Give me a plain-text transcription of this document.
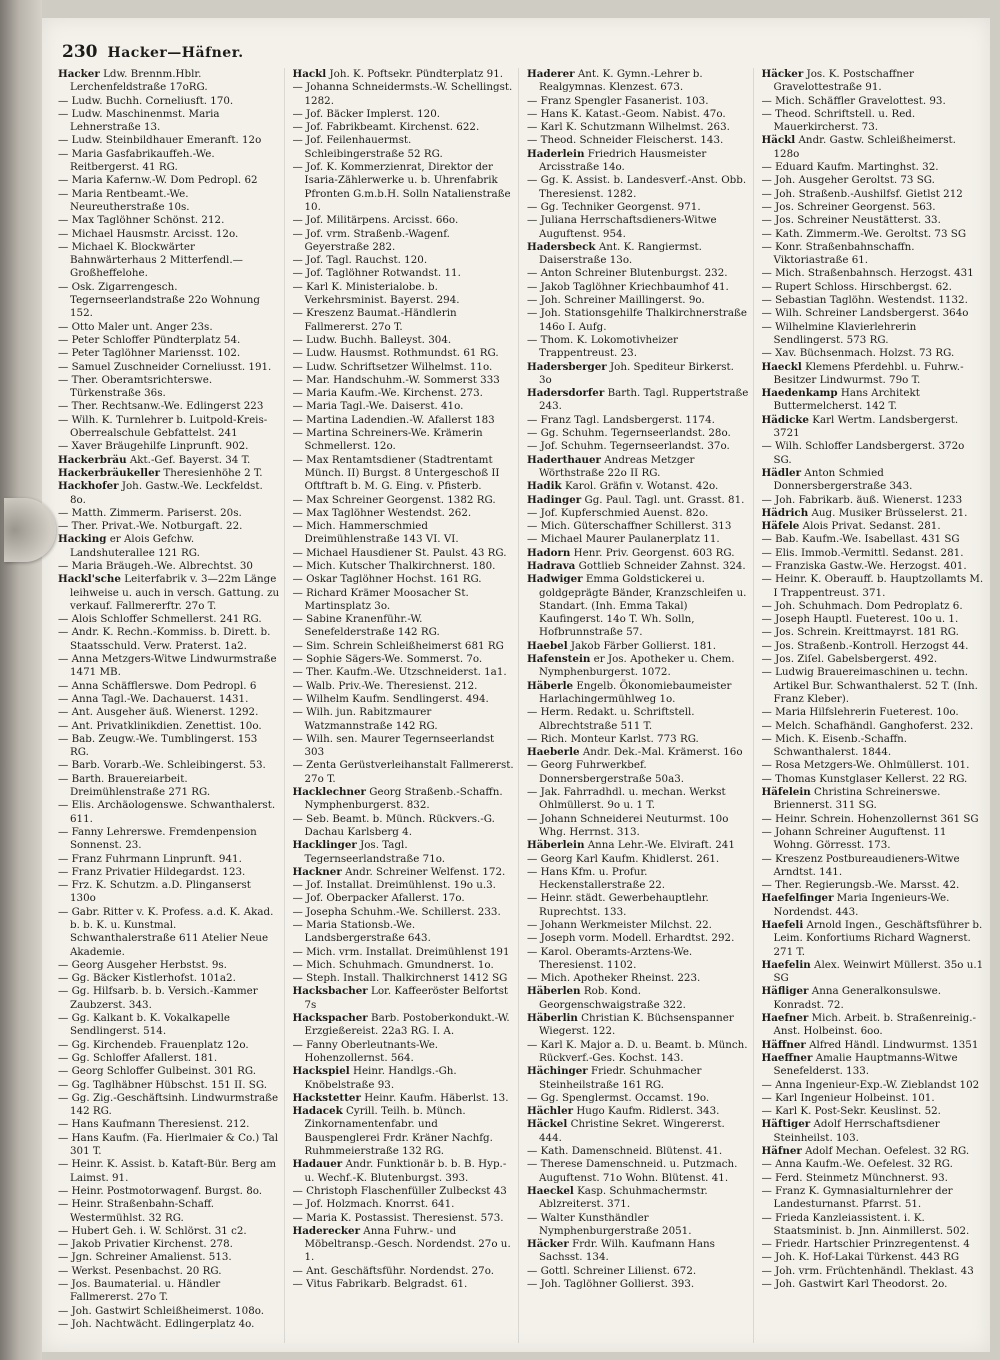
230 Hacker—Häfner.
Hacker Ldw. Brennm.Hblr. Lerchenfeldstraße 17oRG.
— Ludw. Buchh. Corneliusft. 170.
— Ludw. Maschinenmst. Maria Lehnerstraße 13.
— Ludw. Steinbildhauer Emeranft. 12o
— Maria Gasfabrikauffeh.-We. Reitbergerst. 41 RG.
— Maria Kafernw.-W. Dom Pedropl. 62
— Maria Rentbeamt.-We. Neureutherstraße 10s.
— Max Taglöhner Schönst. 212.
— Michael Hausmstr. Arcisst. 12o.
— Michael K. Blockwärter Bahnwärterhaus 2 Mitterfendl.—Großheffelohe.
— Osk. Zigarrengesch. Tegernseerlandstraße 22o Wohnung 152.
— Otto Maler unt. Anger 23s.
— Peter Schloffer Pündterplatz 54.
— Peter Taglöhner Mariensst. 102.
— Samuel Zuschneider Corneliusst. 191.
— Ther. Oberamtsrichterswe. Türkenstraße 36s.
— Ther. Rechtsanw.-We. Edlingerst 223
— Wilh. K. Turnlehrer b. Luitpold-Kreis-Oberrealschule Gebfattelst. 241
— Xaver Bräugehilfe Linprunft. 902.
Hackerbräu Akt.-Gef. Bayerst. 34 T.
Hackerbräukeller Theresienhöhe 2 T.
Hackhofer Joh. Gastw.-We. Leckfeldst. 8o.
— Matth. Zimmerm. Pariserst. 20s.
— Ther. Privat.-We. Notburgaft. 22.
Hacking er Alois Gefchw. Landshuterallee 121 RG.
— Maria Bräugeh.-We. Albrechtst. 30
Hackl'sche Leiterfabrik v. 3—22m Länge leihweise u. auch in versch. Gattung. zu verkauf. Fallmererftr. 27o T.
— Alois Schloffer Schmellerst. 241 RG.
— Andr. K. Rechn.-Kommiss. b. Dirett. b. Staatsschuld. Verw. Praterst. 1a2.
— Anna Metzgers-Witwe Lindwurmstraße 1471 MB.
— Anna Schäfflerswe. Dom Pedropl. 6
— Anna Tagl.-We. Dachauerst. 1431.
— Ant. Ausgeher äuß. Wienerst. 1292.
— Ant. Privatklinikdien. Zenettist. 10o.
— Bab. Zeugw.-We. Tumblingerst. 153 RG.
— Barb. Vorarb.-We. Schleibingerst. 53.
— Barth. Brauereiarbeit. Dreimühlenstraße 271 RG.
— Elis. Archäologenswe. Schwanthalerst. 611.
— Fanny Lehrerswe. Fremdenpension Sonnenst. 23.
— Franz Fuhrmann Linprunft. 941.
— Franz Privatier Hildegardst. 123.
— Frz. K. Schutzm. a.D. Plinganserst 130o
— Gabr. Ritter v. K. Profess. a.d. K. Akad. b. b. K. u. Kunstmal. Schwanthalerstraße 611 Atelier Neue Akademie.
— Georg Ausgeher Herbstst. 9s.
— Gg. Bäcker Kistlerhofst. 101a2.
— Gg. Hilfsarb. b. b. Versich.-Kammer Zaubzerst. 343.
— Gg. Kalkant b. K. Vokalkapelle Sendlingerst. 514.
— Gg. Kirchendeb. Frauenplatz 12o.
— Gg. Schloffer Afallerst. 181.
— Georg Schloffer Gulbeinst. 301 RG.
— Gg. Taglhäbner Hübschst. 151 II. SG.
— Gg. Zig.-Geschäftsinh. Lindwurmstraße 142 RG.
— Hans Kaufmann Theresienst. 212.
— Hans Kaufm. (Fa. Hierlmaier & Co.) Tal 301 T.
— Heinr. K. Assist. b. Kataft-Bür. Berg am Laimst. 91.
— Heinr. Postmotorwagenf. Burgst. 8o.
— Heinr. Straßenbahn-Schaff. Westermühlst. 32 RG.
— Hubert Geh. i. W. Schlörst. 31 c2.
— Jakob Privatier Kirchenst. 278.
— Jgn. Schreiner Amalienst. 513.
— Werkst. Pesenbachst. 20 RG.
— Jos. Baumaterial. u. Händler Fallmererst. 27o T.
— Joh. Gastwirt Schleißheimerst. 108o.
— Joh. Nachtwächt. Edlingerplatz 4o.
Hackl Joh. K. Poftsekr. Pündterplatz 91.
— Johanna Schneidermsts.-W. Schellingst. 1282.
— Jof. Bäcker Implerst. 120.
— Jof. Fabrikbeamt. Kirchenst. 622.
— Jof. Feilenhauermst. Schleibingerstraße 52 RG.
— Jof. K. Kommerzienrat, Direktor der Isaria-Zählerwerke u. b. Uhrenfabrik Pfronten G.m.b.H. Solln Natalienstraße 10.
— Jof. Militärpens. Arcisst. 66o.
— Jof. vrm. Straßenb.-Wagenf. Geyerstraße 282.
— Jof. Tagl. Rauchst. 120.
— Jof. Taglöhner Rotwandst. 11.
— Karl K. Ministerialobe. b. Verkehrsminist. Bayerst. 294.
— Kreszenz Baumat.-Händlerin Fallmererst. 27o T.
— Ludw. Buchh. Balleyst. 304.
— Ludw. Hausmst. Rothmundst. 61 RG.
— Ludw. Schriftsetzer Wilhelmst. 11o.
— Mar. Handschuhm.-W. Sommerst 333
— Maria Kaufm.-We. Kirchenst. 273.
— Maria Tagl.-We. Daiserst. 41o.
— Martina Ladendien.-W. Afallerst 183
— Martina Schreiners-We. Krämerin Schmellerst. 12o.
— Max Rentamtsdiener (Stadtrentamt Münch. II) Burgst. 8 Untergeschoß II Oftftraft b. M. G. Eing. v. Pfisterb.
— Max Schreiner Georgenst. 1382 RG.
— Max Taglöhner Westendst. 262.
— Mich. Hammerschmied Dreimühlenstraße 143 VI. VI.
— Michael Hausdiener St. Paulst. 43 RG.
— Mich. Kutscher Thalkirchnerst. 180.
— Oskar Taglöhner Hochst. 161 RG.
— Richard Krämer Moosacher St. Martinsplatz 3o.
— Sabine Kranenführ.-W. Senefelderstraße 142 RG.
— Sim. Schrein Schleißheimerst 681 RG
— Sophie Sägers-We. Sommerst. 7o.
— Ther. Kaufm.-We. Utzschneiderst. 1a1.
— Walb. Priv.-We. Theresienst. 212.
— Wilhelm Kaufm. Sendlingerst. 494.
— Wilh. jun. Rabitzmaurer Watzmannstraße 142 RG.
— Wilh. sen. Maurer Tegernseerlandst 303
— Zenta Gerüstverleihanstalt Fallmererst. 27o T.
Hacklechner Georg Straßenb.-Schaffn. Nymphenburgerst. 832.
— Seb. Beamt. b. Münch. Rückvers.-G. Dachau Karlsberg 4.
Hacklinger Jos. Tagl. Tegernseerlandstraße 71o.
Hackner Andr. Schreiner Welfenst. 172.
— Jof. Installat. Dreimühlenst. 19o u.3.
— Jof. Oberpacker Afallerst. 17o.
— Josepha Schuhm.-We. Schillerst. 233.
— Maria Stationsb.-We. Landsbergerstraße 643.
— Mich. vrm. Installat. Dreimühlenst 191
— Mich. Schuhmach. Gmundnerst. 1o.
— Steph. Install. Thalkirchnerst 1412 SG
Hacksbacher Lor. Kaffeeröster Belfortst 7s
Hackspacher Barb. Postoberkondukt.-W. Erzgießereist. 22a3 RG. I. A.
— Fanny Oberleutnants-We. Hohenzollernst. 564.
Hackspiel Heinr. Handlgs.-Gh. Knöbelstraße 93.
Hackstetter Heinr. Kaufm. Häberlst. 13.
Hadacek Cyrill. Teilh. b. Münch. Zinkornamentenfabr. und Bauspenglerei Frdr. Kräner Nachfg. Ruhmmeierstraße 132 RG.
Hadauer Andr. Funktionär b. b. B. Hyp.-u. Wechf.-K. Blutenburgst. 393.
— Christoph Flaschenfüller Zulbeckst 43
— Jof. Holzmach. Knorrst. 641.
— Maria K. Postassist. Theresienst. 573.
Haderecker Anna Fuhrw.- und Möbeltransp.-Gesch. Nordendst. 27o u. 1.
— Ant. Geschäftsführ. Nordendst. 27o.
— Vitus Fabrikarb. Belgradst. 61.
Haderer Ant. K. Gymn.-Lehrer b. Realgymnas. Klenzest. 673.
— Franz Spengler Fasanerist. 103.
— Hans K. Katast.-Geom. Nabist. 47o.
— Karl K. Schutzmann Wilhelmst. 263.
— Theod. Schneider Fleischerst. 143.
Haderlein Friedrich Hausmeister Arcisstraße 14o.
— Gg. K. Assist. b. Landesverf.-Anst. Obb. Theresienst. 1282.
— Gg. Techniker Georgenst. 971.
— Juliana Herrschaftsdieners-Witwe Auguftenst. 954.
Hadersbeck Ant. K. Rangiermst. Daiserstraße 13o.
— Anton Schreiner Blutenburgst. 232.
— Jakob Taglöhner Kriechbaumhof 41.
— Joh. Schreiner Maillingerst. 9o.
— Joh. Stationsgehilfe Thalkirchnerstraße 146o I. Aufg.
— Thom. K. Lokomotivheizer Trappentreust. 23.
Hadersberger Joh. Spediteur Birkerst. 3o
Hadersdorfer Barth. Tagl. Ruppertstraße 243.
— Franz Tagl. Landsbergerst. 1174.
— Gg. Schuhm. Tegernseerlandst. 28o.
— Jof. Schuhm. Tegernseerlandst. 37o.
Haderthauer Andreas Metzger Wörthstraße 22o II RG.
Hadik Karol. Gräfin v. Wotanst. 42o.
Hadinger Gg. Paul. Tagl. unt. Grasst. 81.
— Jof. Kupferschmied Auenst. 82o.
— Mich. Güterschaffner Schillerst. 313
— Michael Maurer Paulanerplatz 11.
Hadorn Henr. Priv. Georgenst. 603 RG.
Hadrava Gottlieb Schneider Zahnst. 324.
Hadwiger Emma Goldstickerei u. goldgeprägte Bänder, Kranzschleifen u. Standart. (Inh. Emma Takal) Kaufingerst. 14o T. Wh. Solln, Hofbrunnstraße 57.
Haebel Jakob Färber Gollierst. 181.
Hafenstein er Jos. Apotheker u. Chem. Nymphenburgerst. 1072.
Häberle Engelb. Ökonomiebaumeister Harlachingermühlweg 1o.
— Herm. Redakt. u. Schriftstell. Albrechtstraße 511 T.
— Rich. Monteur Karlst. 773 RG.
Haeberle Andr. Dek.-Mal. Krämerst. 16o
— Georg Fuhrwerkbef. Donnersbergerstraße 50a3.
— Jak. Fahrradhdl. u. mechan. Werkst Ohlmüllerst. 9o u. 1 T.
— Johann Schneiderei Neuturmst. 10o Whg. Herrnst. 313.
Häberlein Anna Lehr.-We. Elviraft. 241
— Georg Karl Kaufm. Khidlerst. 261.
— Hans Kfm. u. Profur. Heckenstallerstraße 22.
— Heinr. städt. Gewerbehauptlehr. Ruprechtst. 133.
— Johann Werkmeister Milchst. 22.
— Joseph vorm. Modell. Erhardtst. 292.
— Karol. Oberamts-Arztens-We. Theresienst. 1102.
— Mich. Apotheker Rheinst. 223.
Häberlen Rob. Kond. Georgenschwaigstraße 322.
Häberlin Christian K. Büchsenspanner Wiegerst. 122.
— Karl K. Major a. D. u. Beamt. b. Münch. Rückverf.-Ges. Kochst. 143.
Hächinger Friedr. Schuhmacher Steinheilstraße 161 RG.
— Gg. Spenglermst. Occamst. 19o.
Hächler Hugo Kaufm. Ridlerst. 343.
Häckel Christine Sekret. Wingererst. 444.
— Kath. Damenschneid. Blütenst. 41.
— Therese Damenschneid. u. Putzmach. Auguftenst. 71o Wohn. Blütenst. 41.
Haeckel Kasp. Schuhmachermstr. Ablzreiterst. 371.
— Walter Kunsthändler Nymphenburgerstraße 2051.
Häcker Frdr. Wilh. Kaufmann Hans Sachsst. 134.
— Gottl. Schreiner Lilienst. 672.
— Joh. Taglöhner Gollierst. 393.
Häcker Jos. K. Postschaffner Gravelottestraße 91.
— Mich. Schäffler Gravelottest. 93.
— Theod. Schriftstell. u. Red. Mauerkircherst. 73.
Häckl Andr. Gastw. Schleißheimerst. 128o
— Eduard Kaufm. Martinghst. 32.
— Joh. Ausgeher Geroltst. 73 SG.
— Joh. Straßenb.-Aushilfsf. Gietlst 212
— Jos. Schreiner Georgenst. 563.
— Jos. Schreiner Neustätterst. 33.
— Kath. Zimmerm.-We. Geroltst. 73 SG
— Konr. Straßenbahnschaffn. Viktoriastraße 61.
— Mich. Straßenbahnsch. Herzogst. 431
— Rupert Schloss. Hirschbergst. 62.
— Sebastian Taglöhn. Westendst. 1132.
— Wilh. Schreiner Landsbergerst. 364o
— Wilhelmine Klavierlehrerin Sendlingerst. 573 RG.
— Xav. Büchsenmach. Holzst. 73 RG.
Haeckl Klemens Pferdehbl. u. Fuhrw.-Besitzer Lindwurmst. 79o T.
Haedenkamp Hans Architekt Buttermelcherst. 142 T.
Hädicke Karl Wertm. Landsbergerst. 3721
— Wilh. Schloffer Landsbergerst. 372o SG.
Hädler Anton Schmied Donnersbergerstraße 343.
— Joh. Fabrikarb. äuß. Wienerst. 1233
Hädrich Aug. Musiker Brüsselerst. 21.
Häfele Alois Privat. Sedanst. 281.
— Bab. Kaufm.-We. Isabellast. 431 SG
— Elis. Immob.-Vermittl. Sedanst. 281.
— Franziska Gastw.-We. Herzogst. 401.
— Heinr. K. Oberauff. b. Hauptzollamts M. I Trappentreust. 371.
— Joh. Schuhmach. Dom Pedroplatz 6.
— Joseph Hauptl. Fueterest. 10o u. 1.
— Jos. Schrein. Kreittmayrst. 181 RG.
— Jos. Straßenb.-Kontroll. Herzogst 44.
— Jos. Ziſel. Gabelsbergerst. 492.
— Ludwig Brauereimaschinen u. techn. Artikel Bur. Schwanthalerst. 52 T. (Inh. Franz Kleber).
— Maria Hilfslehrerin Fueterest. 10o.
— Melch. Schafhändl. Ganghoferst. 232.
— Mich. K. Eisenb.-Schaffn. Schwanthalerst. 1844.
— Rosa Metzgers-We. Ohlmüllerst. 101.
— Thomas Kunstglaser Kellerst. 22 RG.
Häfelein Christina Schreinerswe. Briennerst. 311 SG.
— Heinr. Schrein. Hohenzollernst 361 SG
— Johann Schreiner Auguftenst. 11 Wohng. Görresst. 173.
— Kreszenz Postbureaudieners-Witwe Arndtst. 141.
— Ther. Regierungsb.-We. Marsst. 42.
Haefelfinger Maria Ingenieurs-We. Nordendst. 443.
Haefeli Arnold Ingen., Geschäftsführer b. Leim. Konfortiums Richard Wagnerst. 271 T.
Haefelin Alex. Weinwirt Müllerst. 35o u.1 SG
Häfliger Anna Generalkonsulswe. Konradst. 72.
Haefner Mich. Arbeit. b. Straßenreinig.-Anst. Holbeinst. 6oo.
Häffner Alfred Händl. Lindwurmst. 1351
Haeffner Amalie Hauptmanns-Witwe Senefelderst. 133.
— Anna Ingenieur-Exp.-W. Zieblandst 102
— Karl Ingenieur Holbeinst. 101.
— Karl K. Post-Sekr. Keuslinst. 52.
Häftiger Adolf Herrschaftsdiener Steinheilst. 103.
Häfner Adolf Mechan. Oefelest. 32 RG.
— Anna Kaufm.-We. Oefelest. 32 RG.
— Ferd. Steinmetz Münchnerst. 93.
— Franz K. Gymnasialturnlehrer der Landesturnanst. Pfarrst. 51.
— Frieda Kanzleiassistent. i. K. Staatsminist. b. Jnn. Ainmillerst. 502.
— Friedr. Hartschier Prinzregentenst. 4
— Joh. K. Hof-Lakai Türkenst. 443 RG
— Joh. vrm. Früchtenhändl. Theklast. 43
— Joh. Gastwirt Karl Theodorst. 2o.
